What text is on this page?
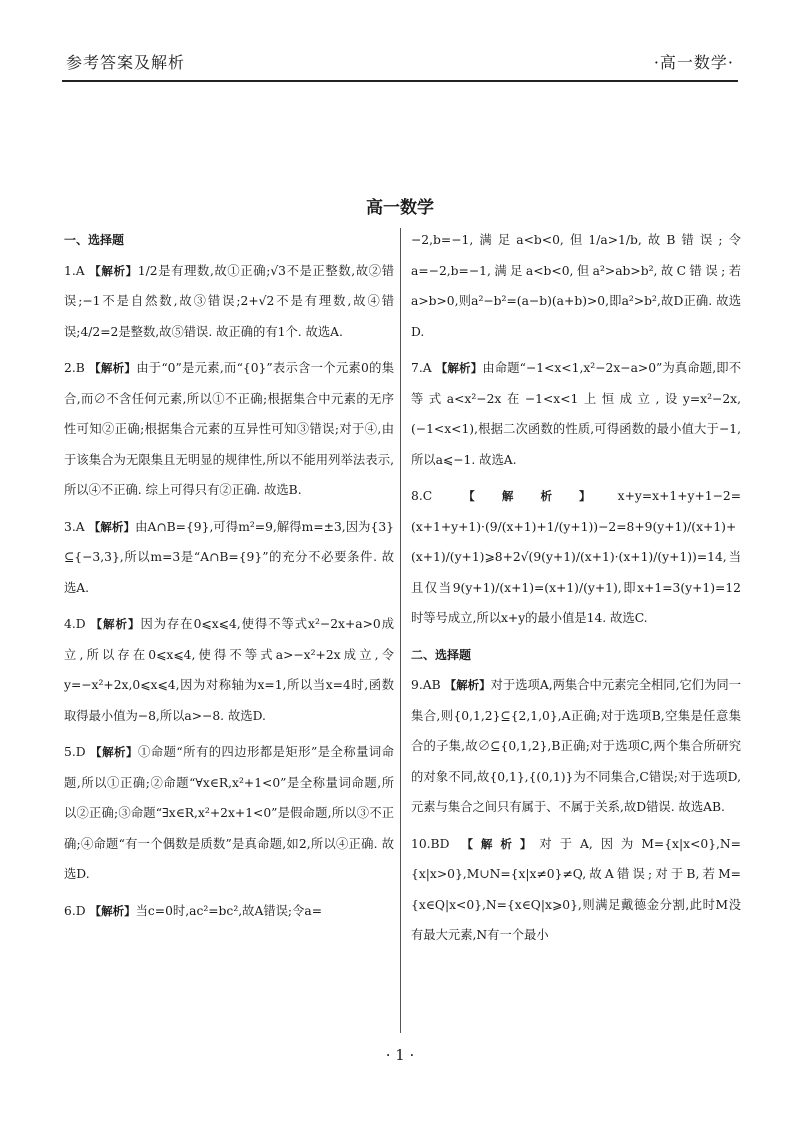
参考答案及解析	·高一数学·
高一数学

一、选择题

1.A 【解析】1/2是有理数,故①正确;√3不是正整数,故②错误;−1不是自然数,故③错误;2+√2不是有理数,故④错误;4/2=2是整数,故⑤错误. 故正确的有1个. 故选A.

2.B 【解析】由于“0”是元素,而“{0}”表示含一个元素0的集合,而∅不含任何元素,所以①不正确;根据集合中元素的无序性可知②正确;根据集合元素的互异性可知③错误;对于④,由于该集合为无限集且无明显的规律性,所以不能用列举法表示,所以④不正确. 综上可得只有②正确. 故选B.

3.A 【解析】由A∩B={9},可得m²=9,解得m=±3,因为{3}⊆{−3,3},所以m=3是“A∩B={9}”的充分不必要条件. 故选A.

4.D 【解析】因为存在0⩽x⩽4,使得不等式x²−2x+a>0成立,所以存在0⩽x⩽4,使得不等式a>−x²+2x成立,令y=−x²+2x,0⩽x⩽4,因为对称轴为x=1,所以当x=4时,函数取得最小值为−8,所以a>−8. 故选D.

5.D 【解析】①命题“所有的四边形都是矩形”是全称量词命题,所以①正确;②命题“∀x∈R,x²+1<0”是全称量词命题,所以②正确;③命题“∃x∈R,x²+2x+1<0”是假命题,所以③不正确;④命题“有一个偶数是质数”是真命题,如2,所以④正确. 故选D.

6.D 【解析】当c=0时,ac²=bc²,故A错误;令a=

−2,b=−1,满足a<b<0,但1/a>1/b,故B错误;令a=−2,b=−1,满足a<b<0,但a²>ab>b²,故C错误;若a>b>0,则a²−b²=(a−b)(a+b)>0,即a²>b²,故D正确. 故选D.

7.A 【解析】由命题“−1<x<1,x²−2x−a>0”为真命题,即不等式a<x²−2x在−1<x<1上恒成立,设y=x²−2x,(−1<x<1),根据二次函数的性质,可得函数的最小值大于−1,所以a⩽−1. 故选A.

8.C 【解析】x+y=x+1+y+1−2=(x+1+y+1)·(9/(x+1)+1/(y+1))−2=8+9(y+1)/(x+1)+(x+1)/(y+1)⩾8+2√(9(y+1)/(x+1)·(x+1)/(y+1))=14,当且仅当9(y+1)/(x+1)=(x+1)/(y+1),即x+1=3(y+1)=12时等号成立,所以x+y的最小值是14. 故选C.

二、选择题

9.AB 【解析】对于选项A,两集合中元素完全相同,它们为同一集合,则{0,1,2}⊆{2,1,0},A正确;对于选项B,空集是任意集合的子集,故∅⊆{0,1,2},B正确;对于选项C,两个集合所研究的对象不同,故{0,1},{(0,1)}为不同集合,C错误;对于选项D,元素与集合之间只有属于、不属于关系,故D错误. 故选AB.

10.BD 【解析】对于A,因为M={x|x<0},N={x|x>0},M∪N={x|x≠0}≠Q,故A错误;对于B,若M={x∈Q|x<0},N={x∈Q|x⩾0},则满足戴德金分割,此时M没有最大元素,N有一个最小

· 1 ·
